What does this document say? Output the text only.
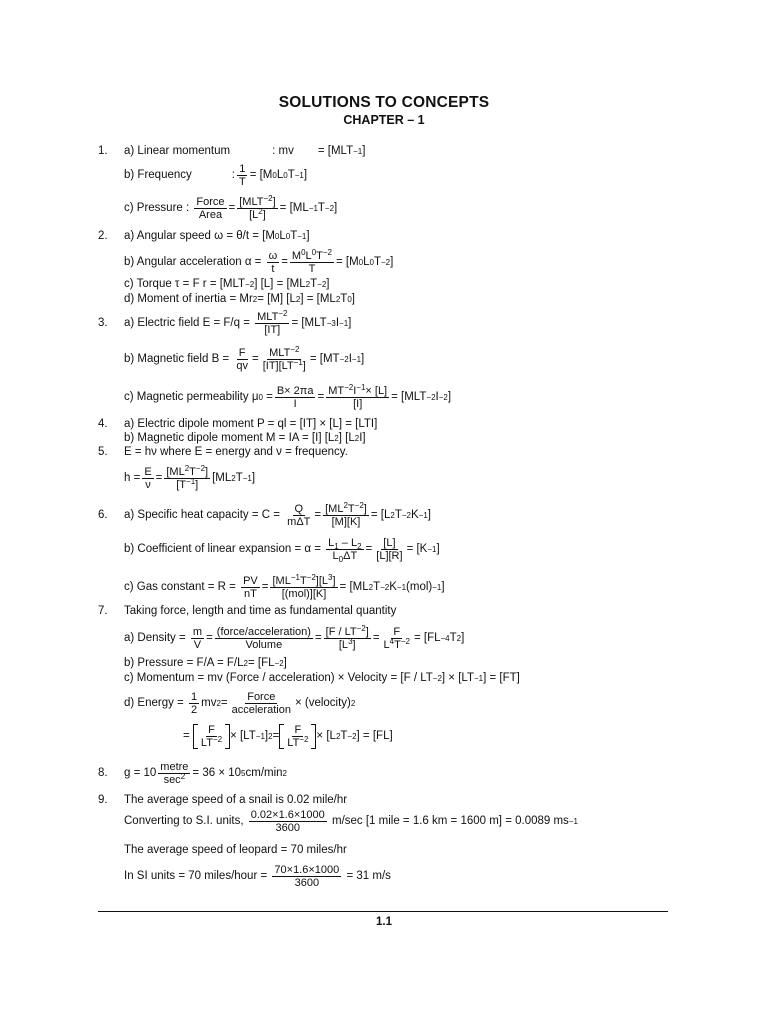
SOLUTIONS TO CONCEPTS
CHAPTER – 1
1. a) Linear momentum	: mv = [MLT −1 ]
b) Frequency	: 1
T
= [M 0 L 0 T −1 ]
c) Pressure :
Force
Area
= $[MLT^{-2}]$
$[L^2]$
= [ML −1 T −2 ]
2. a) Angular speed ω = θ/t = [M 0 L 0 T −1 ]
b) Angular acceleration α =
$\frac{\omega}{t} = M^0L^0T^{-2}$
T
= [M 0 L 0 T −2 ]
c) Torque τ = F r = [MLT −2 ] [L] = [ML 2 T −2 ]
d) Moment of inertia = Mr 2 = [M] [L 2 ] = [ML 2 T 0 ]
3. a) Electric field E = F/q =
$MLT^{-2}$
[IT]
= [MLT −3 I −1 ]
b) Magnetic field B =
$\frac{F}{qv} = MLT^{-2}$
$[IT][LT^{-1}]$
= [MT −2 I −1 ]
c) Magnetic permeability μ 0 = B× 2πa
I
= $MT^{-2}I^{-1}\times [L]$
[I]
= [MLT −2 I −2 ]
4. a) Electric dipole moment P = ql = [IT] × [L] = [LTI]
b) Magnetic dipole moment M = IA = [I] [L 2 ] [L 2 I]
5. E = hν where E = energy and ν = frequency.
$h = \frac{E}{\nu} = [ML^2T^{-2}]$
$[T^{-1}]$
[ML 2 T −1 ]
6. a) Specific heat capacity = C =
Q
mΔT
= $[ML^2T^{-2}]$
[M][K]
= [L 2 T −2 K −1 ]
b) Coefficient of linear expansion = α =
$\frac{L_1 - L_2}{L_0\Delta T} = [L]$
[L][R]
= [K −1 ]
c) Gas constant = R =
$\frac{PV}{nT} = [ML^{-1}T^{-2}][L^3]$
[(mol)][K]
= [ML 2 T −2 K −1 (mol) −1 ]
7. Taking force, length and time as fundamental quantity
a) Density =
$\frac{m}{V}$ = (force/acceleration)
Volume
= $[F / LT^{-2}]$
$[L^3]$
= F
$L^4T^{-2} = [FL -4$ T 2 ]
b) Pressure = F/A = F/L 2 = [FL −2 ]
c) Momentum = mv (Force / acceleration) × Velocity = [F / LT −2 ] × [LT −1 ] = [FT]
d) Energy =
$\frac{1}{2}$ mv 2 = Force
acceleration
× (velocity) 2
= F
$LT^{-2} \times [LT -1$ ] 2 = F
$LT^{-2} \times [L$ 2 T −2 ] = [FL]
8. g = 10 metre
$\sec^2 = 36 \times 10$ 5 cm/min 2
9. The average speed of a snail is 0.02 mile/hr
Converting to S.I. units,
0.02×1.6×1000
3600

m/sec [1 mile = 1.6 km = 1600 m] = 0.0089 ms −1
The average speed of leopard = 70 miles/hr
In SI units = 70 miles/hour =
$\frac{70\times 1.6\times 1000}{3600}$
= 31 m/s
1.1
